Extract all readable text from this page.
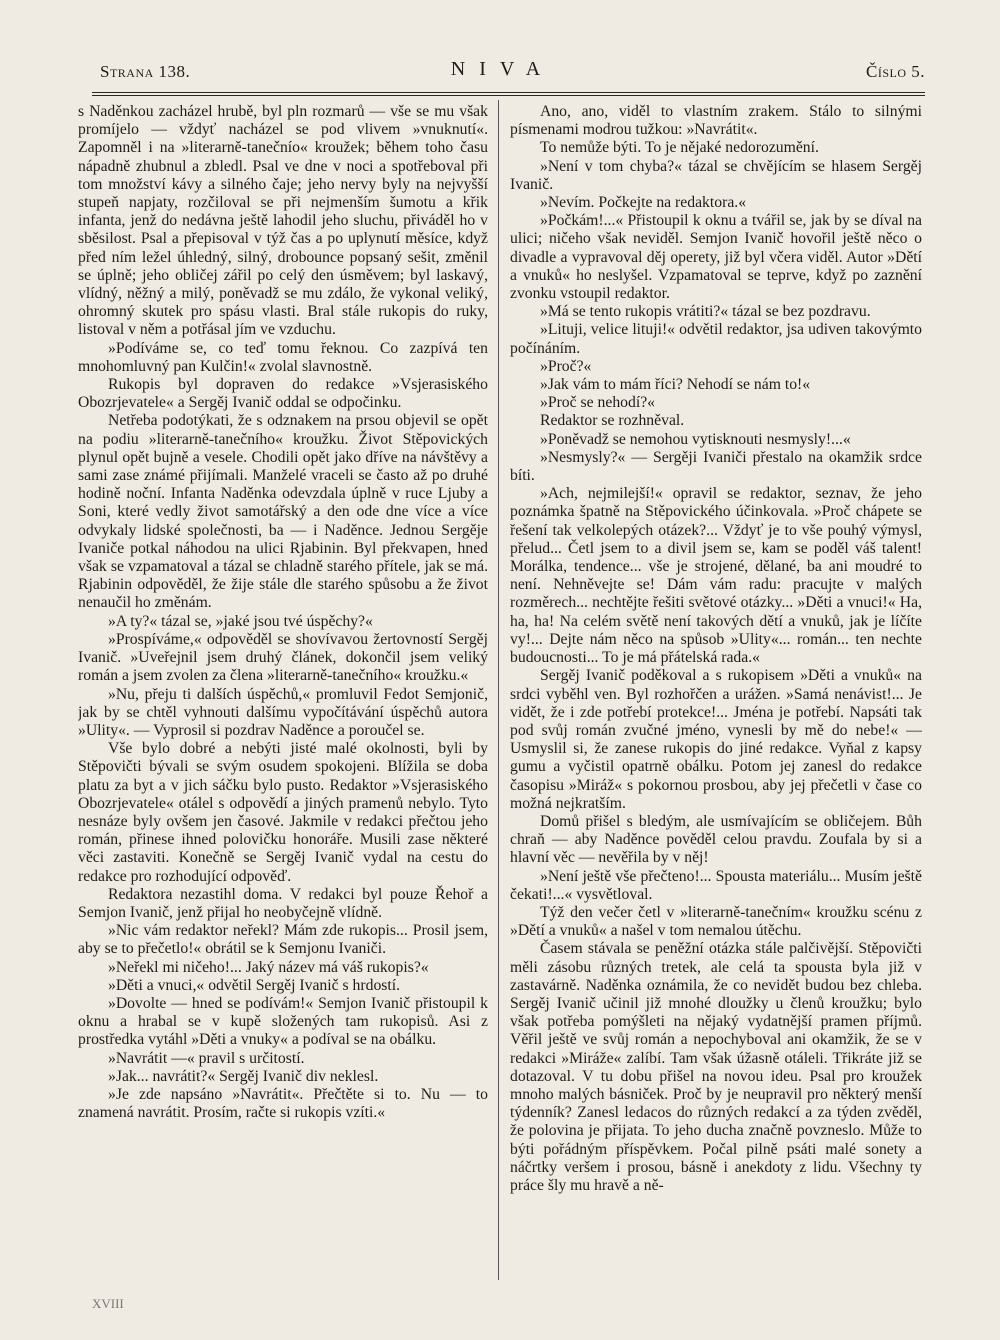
Strana 138.	NIVA	Číslo 5.

s Naděnkou zacházel hrubě, byl pln rozmarů — vše se mu však promíjelo — vždyť nacházel se pod vlivem »vnuknutí«. Zapomněl i na »literarně-tanečnío« kroužek; během toho času nápadně zhubnul a zbledl. Psal ve dne v noci a spotřeboval při tom množství kávy a silného čaje; jeho nervy byly na nejvyšší stupeň napjaty, rozčiloval se při nejmenším šumotu a křik infanta, jenž do nedávna ještě lahodil jeho sluchu, přiváděl ho v sběsilost. Psal a přepisoval v týž čas a po uplynutí měsíce, když před ním ležel úhledný, silný, drobounce popsaný sešit, změnil se úplně; jeho obličej zářil po celý den úsměvem; byl laskavý, vlídný, něžný a milý, poněvadž se mu zdálo, že vykonal veliký, ohromný skutek pro spásu vlasti. Bral stále rukopis do ruky, listoval v něm a potřásal jím ve vzduchu.

»Podíváme se, co teď tomu řeknou. Co zazpívá ten mnohomluvný pan Kulčin!« zvolal slavnostně.

Rukopis byl dopraven do redakce »Vsjerasiského Obozrjevatele« a Sergěj Ivanič oddal se odpočinku.

Netřeba podotýkati, že s odznakem na prsou objevil se opět na podiu »literarně-tanečního« kroužku. Život Stěpovických plynul opět bujně a vesele. Chodili opět jako dříve na návštěvy a sami zase známé přijímali. Manželé vraceli se často až po druhé hodině noční. Infanta Naděnka odevzdala úplně v ruce Ljuby a Soni, které vedly život samotářský a den ode dne více a více odvykaly lidské společnosti, ba — i Naděnce. Jednou Sergěje Ivaniče potkal náhodou na ulici Rjabinin. Byl překvapen, hned však se vzpamatoval a tázal se chladně starého přítele, jak se má. Rjabinin odpověděl, že žije stále dle starého spůsobu a že život nenaučil ho změnám.

»A ty?« tázal se, »jaké jsou tvé úspěchy?«

»Prospíváme,« odpověděl se shovívavou žertovností Sergěj Ivanič. »Uveřejnil jsem druhý článek, dokončil jsem veliký román a jsem zvolen za člena »literarně-tanečního« kroužku.«

»Nu, přeju ti dalších úspěchů,« promluvil Fedot Semjonič, jak by se chtěl vyhnouti dalšímu vypočítávání úspěchů autora »Ulity«. — Vyprosil si pozdrav Naděnce a poroučel se.

Vše bylo dobré a nebýti jisté malé okolnosti, byli by Stěpovičti bývali se svým osudem spokojeni. Blížila se doba platu za byt a v jich sáčku bylo pusto. Redaktor »Vsjerasiského Obozrjevatele« otálel s odpovědí a jiných pramenů nebylo. Tyto nesnáze byly ovšem jen časové. Jakmile v redakci přečtou jeho román, přinese ihned polovičku honoráře. Musili zase některé věci zastaviti. Konečně se Sergěj Ivanič vydal na cestu do redakce pro rozhodující odpověď.

Redaktora nezastihl doma. V redakci byl pouze Řehoř a Semjon Ivanič, jenž přijal ho neobyčejně vlídně.

»Nic vám redaktor neřekl? Mám zde rukopis... Prosil jsem, aby se to přečetlo!« obrátil se k Semjonu Ivaniči.

»Neřekl mi ničeho!... Jaký název má váš rukopis?«

»Děti a vnuci,« odvětil Sergěj Ivanič s hrdostí.

»Dovolte — hned se podívám!« Semjon Ivanič přistoupil k oknu a hrabal se v kupě složených tam rukopisů. Asi z prostředka vytáhl »Děti a vnuky« a podíval se na obálku.

»Navrátit —« pravil s určitostí.

»Jak... navrátit?« Sergěj Ivanič div neklesl.

»Je zde napsáno »Navrátit«. Přečtěte si to. Nu — to znamená navrátit. Prosím, račte si rukopis vzíti.«

Ano, ano, viděl to vlastním zrakem. Stálo to silnými písmenami modrou tužkou: »Navrátit«.

To nemůže býti. To je nějaké nedorozumění.

»Není v tom chyba?« tázal se chvějícím se hlasem Sergěj Ivanič.

»Nevím. Počkejte na redaktora.«

»Počkám!...« Přistoupil k oknu a tvářil se, jak by se díval na ulici; ničeho však neviděl. Semjon Ivanič hovořil ještě něco o divadle a vypravoval děj operety, již byl včera viděl. Autor »Dětí a vnuků« ho neslyšel. Vzpamatoval se teprve, když po zaznění zvonku vstoupil redaktor.

»Má se tento rukopis vrátiti?« tázal se bez pozdravu.

»Lituji, velice lituji!« odvětil redaktor, jsa udiven takovýmto počínáním.

»Proč?«

»Jak vám to mám říci? Nehodí se nám to!«

»Proč se nehodí?«

Redaktor se rozhněval.

»Poněvadž se nemohou vytisknouti nesmysly!...«

»Nesmysly?« — Sergěji Ivaniči přestalo na okamžik srdce bíti.

»Ach, nejmilejší!« opravil se redaktor, seznav, že jeho poznámka špatně na Stěpovického účinkovala. »Proč chápete se řešení tak velkolepých otázek?... Vždyť je to vše pouhý výmysl, přelud... Četl jsem to a divil jsem se, kam se poděl váš talent! Morálka, tendence... vše je strojené, dělané, ba ani moudré to není. Nehněvejte se! Dám vám radu: pracujte v malých rozměrech... nechtějte řešiti světové otázky... »Děti a vnuci!« Ha, ha, ha! Na celém světě není takových dětí a vnuků, jak je líčíte vy!... Dejte nám něco na spůsob »Ulity«... román... ten nechte budoucnosti... To je má přátelská rada.«

Sergěj Ivanič poděkoval a s rukopisem »Děti a vnuků« na srdci vyběhl ven. Byl rozhořčen a urážen. »Samá nenávist!... Je vidět, že i zde potřebí protekce!... Jména je potřebí. Napsáti tak pod svůj román zvučné jméno, vynesli by mě do nebe!« — Usmyslil si, že zanese rukopis do jiné redakce. Vyňal z kapsy gumu a vyčistil opatrně obálku. Potom jej zanesl do redakce časopisu »Miráž« s pokornou prosbou, aby jej přečetli v čase co možná nejkratším.

Domů přišel s bledým, ale usmívajícím se obličejem. Bůh chraň — aby Naděnce pověděl celou pravdu. Zoufala by si a hlavní věc — nevěřila by v něj!

»Není ještě vše přečteno!... Spousta materiálu... Musím ještě čekati!...« vysvětloval.

Týž den večer četl v »literarně-tanečním« kroužku scénu z »Dětí a vnuků« a našel v tom nemalou útěchu.

Časem stávala se peněžní otázka stále palčivější. Stěpovičti měli zásobu různých tretek, ale celá ta spousta byla již v zastavárně. Naděnka oznámila, že co nevidět budou bez chleba. Sergěj Ivanič učinil již mnohé dloužky u členů kroužku; bylo však potřeba pomýšleti na nějaký vydatnější pramen příjmů. Věřil ještě ve svůj román a nepochyboval ani okamžik, že se v redakci »Miráže« zalíbí. Tam však úžasně otáleli. Třikráte již se dotazoval. V tu dobu přišel na novou ideu. Psal pro kroužek mnoho malých básniček. Proč by je neupravil pro některý menší týdenník? Zanesl ledacos do různých redakcí a za týden zvěděl, že polovina je přijata. To jeho ducha značně povzneslo. Může to býti pořádným příspěvkem. Počal pilně psáti malé sonety a náčrtky veršem i prosou, básně i anekdoty z lidu. Všechny ty práce šly mu hravě a ně-

XVIII
